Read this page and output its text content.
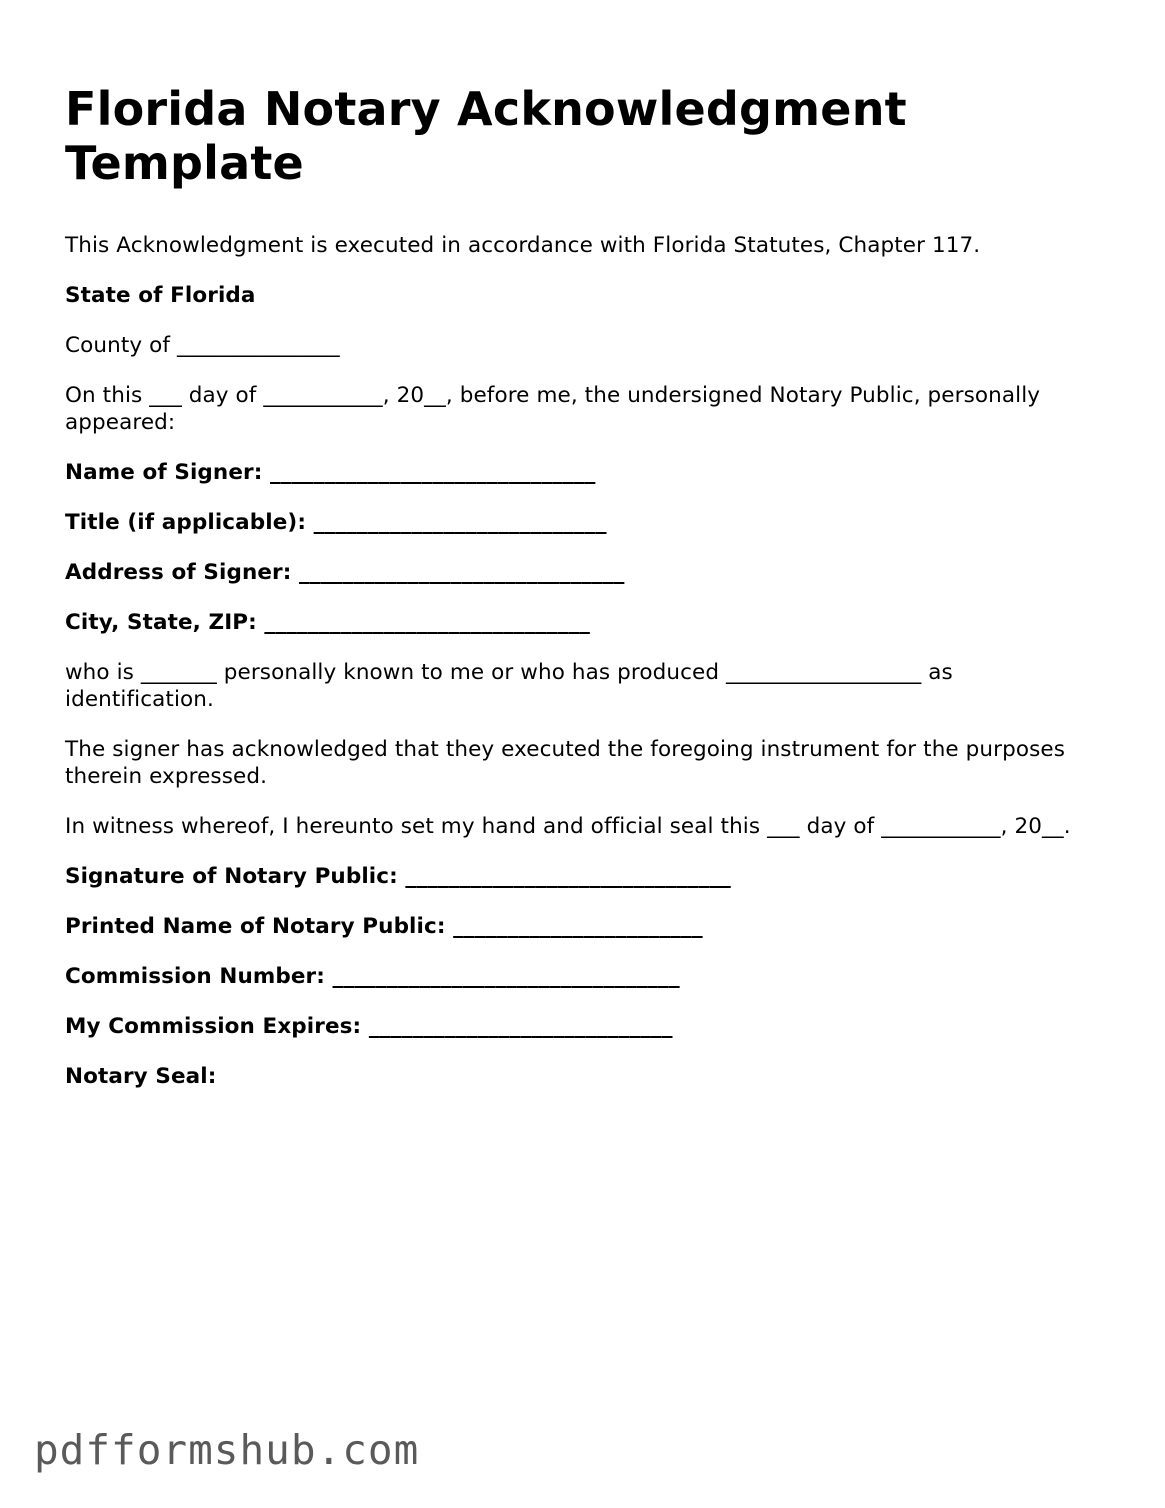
Florida Notary Acknowledgment Template

This Acknowledgment is executed in accordance with Florida Statutes, Chapter 117.

State of Florida

County of _______________

On this ___ day of ___________, 20__, before me, the undersigned Notary Public, personally appeared:

Name of Signer: ______________________________

Title (if applicable): ___________________________

Address of Signer: ______________________________

City, State, ZIP: ______________________________

who is _______ personally known to me or who has produced __________________ as identification.

The signer has acknowledged that they executed the foregoing instrument for the purposes therein expressed.

In witness whereof, I hereunto set my hand and official seal this ___ day of ___________, 20__.

Signature of Notary Public: ______________________________

Printed Name of Notary Public: _______________________

Commission Number: ________________________________

My Commission Expires: ____________________________

Notary Seal:

pdfformshub.com
